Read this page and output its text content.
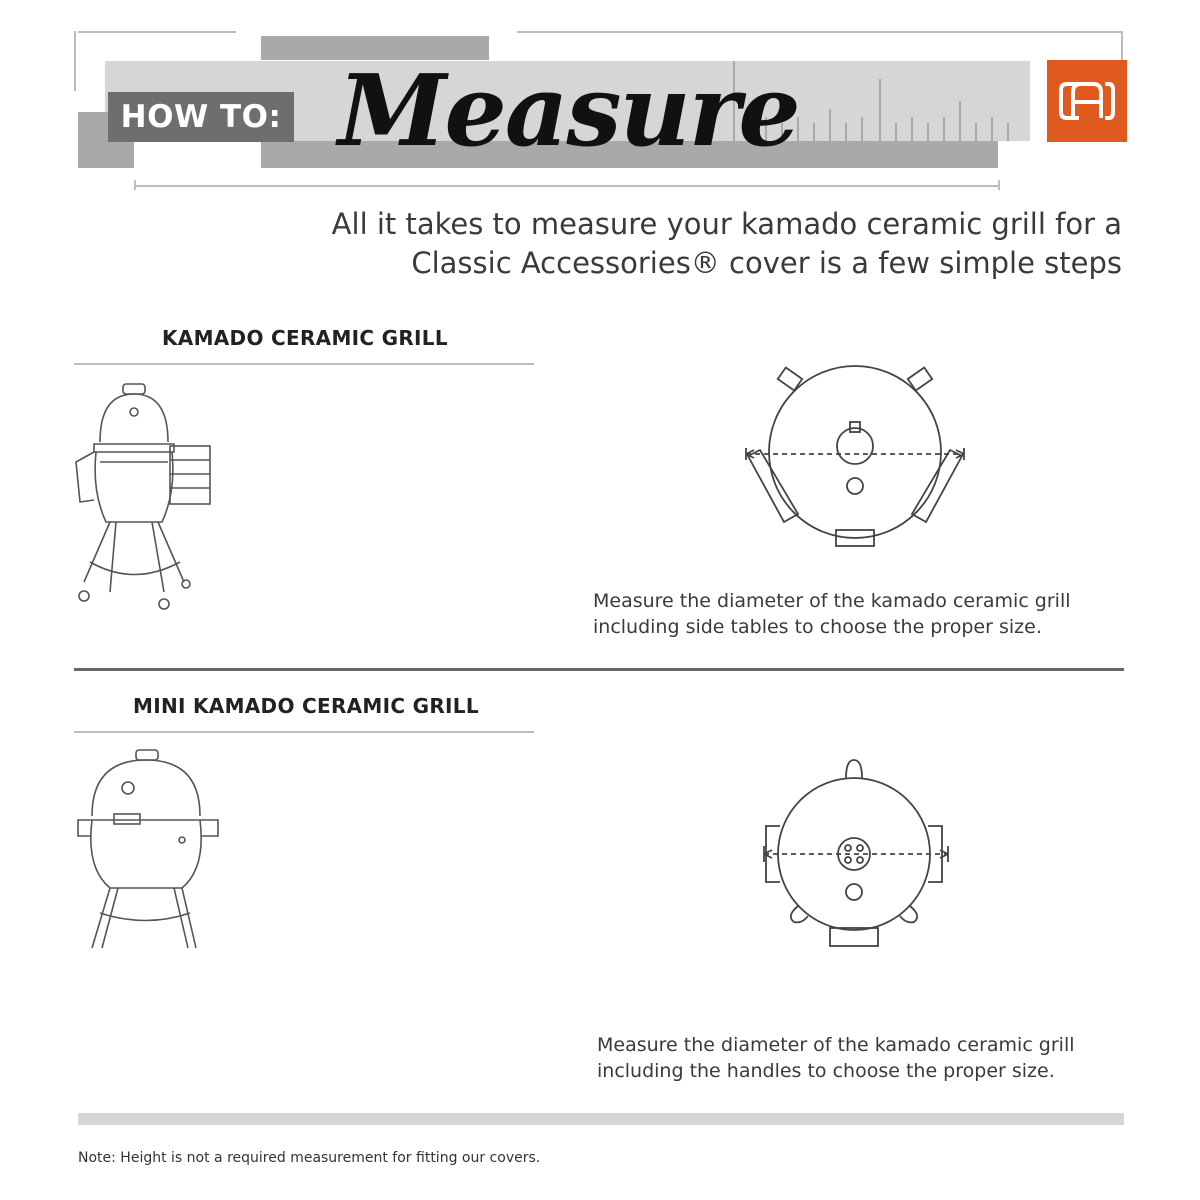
HOW TO: Measure
All it takes to measure your kamado ceramic grill for a
Classic Accessories® cover is a few simple steps
KAMADO CERAMIC GRILL
Measure the diameter of the kamado ceramic grill
including side tables to choose the proper size.
MINI KAMADO CERAMIC GRILL
Measure the diameter of the kamado ceramic grill
including the handles to choose the proper size.
Note: Height is not a required measurement for fitting our covers.
